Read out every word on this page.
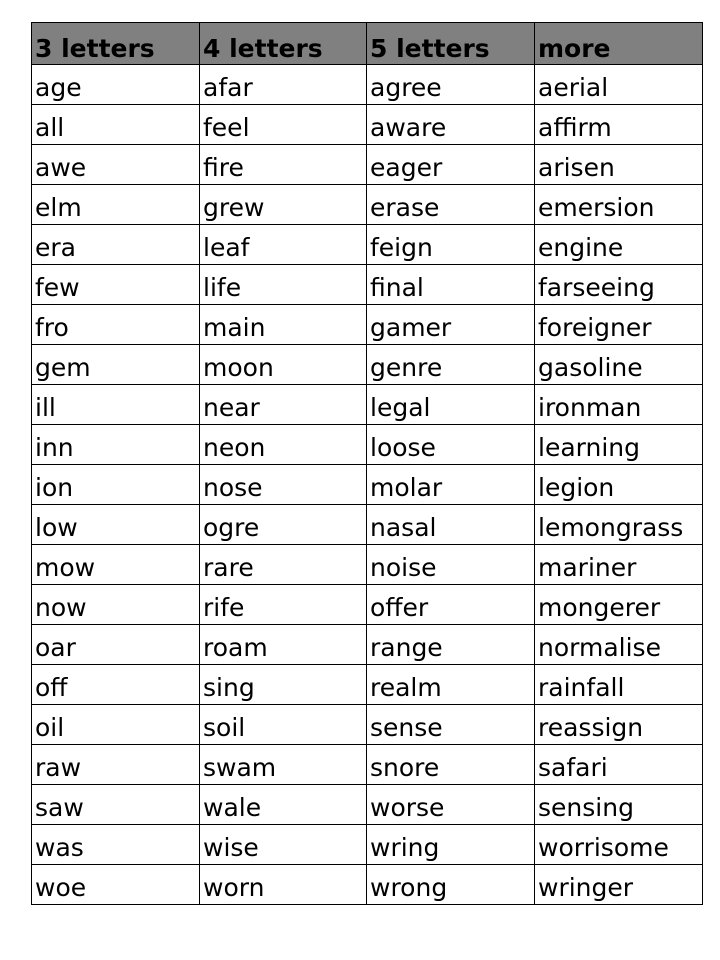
3 letters	4 letters	5 letters	more
age	afar	agree	aerial
all	feel	aware	affirm
awe	fire	eager	arisen
elm	grew	erase	emersion
era	leaf	feign	engine
few	life	final	farseeing
fro	main	gamer	foreigner
gem	moon	genre	gasoline
ill	near	legal	ironman
inn	neon	loose	learning
ion	nose	molar	legion
low	ogre	nasal	lemongrass
mow	rare	noise	mariner
now	rife	offer	mongerer
oar	roam	range	normalise
off	sing	realm	rainfall
oil	soil	sense	reassign
raw	swam	snore	safari
saw	wale	worse	sensing
was	wise	wring	worrisome
woe	worn	wrong	wringer
